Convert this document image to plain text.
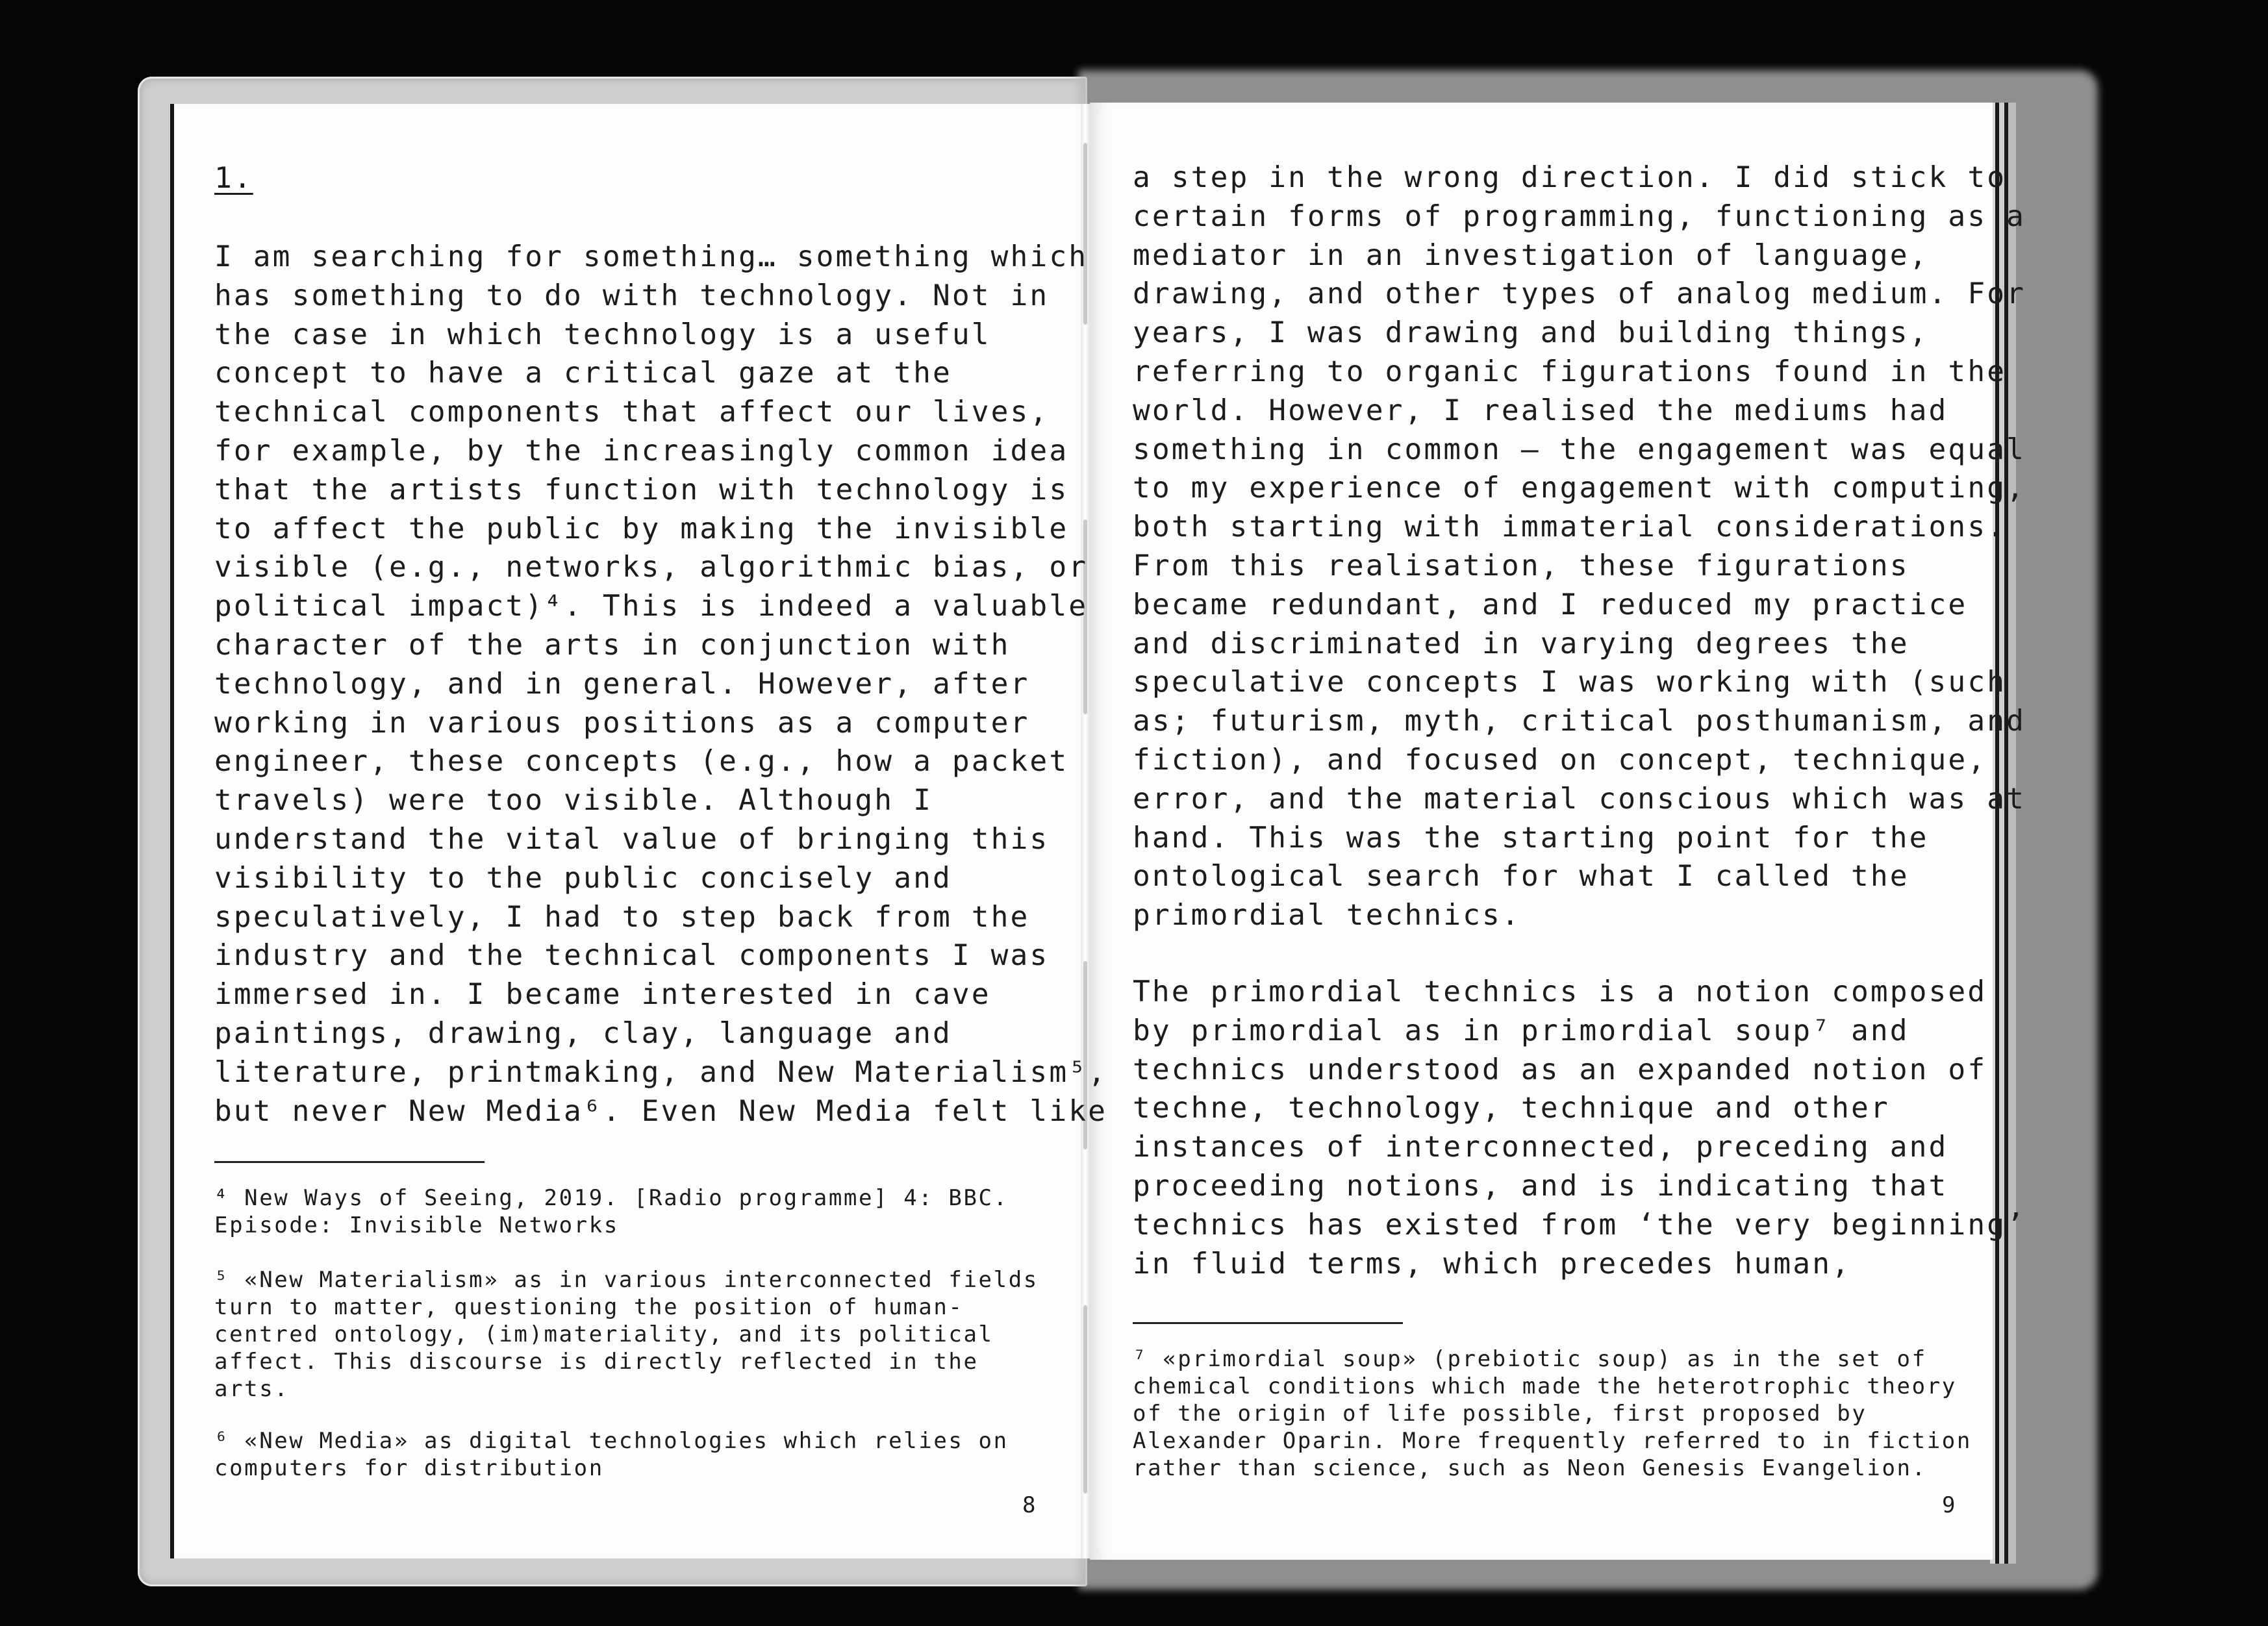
1.
I am searching for something… something which
has something to do with technology. Not in
the case in which technology is a useful
concept to have a critical gaze at the
technical components that affect our lives,
for example, by the increasingly common idea
that the artists function with technology is
to affect the public by making the invisible
visible (e.g., networks, algorithmic bias, or
political impact)⁴. This is indeed a valuable
character of the arts in conjunction with
technology, and in general. However, after
working in various positions as a computer
engineer, these concepts (e.g., how a packet
travels) were too visible. Although I
understand the vital value of bringing this
visibility to the public concisely and
speculatively, I had to step back from the
industry and the technical components I was
immersed in. I became interested in cave
paintings, drawing, clay, language and
literature, printmaking, and New Materialism⁵,
but never New Media⁶. Even New Media felt like
⁴ New Ways of Seeing, 2019. [Radio programme] 4: BBC.
Episode: Invisible Networks
⁵ «New Materialism» as in various interconnected fields
turn to matter, questioning the position of human-
centred ontology, (im)materiality, and its political
affect. This discourse is directly reflected in the
arts.
⁶ «New Media» as digital technologies which relies on
computers for distribution
8
a step in the wrong direction. I did stick to
certain forms of programming, functioning as a
mediator in an investigation of language,
drawing, and other types of analog medium. For
years, I was drawing and building things,
referring to organic figurations found in the
world. However, I realised the mediums had
something in common — the engagement was equal
to my experience of engagement with computing,
both starting with immaterial considerations.
From this realisation, these figurations
became redundant, and I reduced my practice
and discriminated in varying degrees the
speculative concepts I was working with (such
as; futurism, myth, critical posthumanism, and
fiction), and focused on concept, technique,
error, and the material conscious which was at
hand. This was the starting point for the
ontological search for what I called the
primordial technics.
The primordial technics is a notion composed
by primordial as in primordial soup⁷ and
technics understood as an expanded notion of
techne, technology, technique and other
instances of interconnected, preceding and
proceeding notions, and is indicating that
technics has existed from ‘the very beginning’
in fluid terms, which precedes human,
⁷ «primordial soup» (prebiotic soup) as in the set of
chemical conditions which made the heterotrophic theory
of the origin of life possible, first proposed by
Alexander Oparin. More frequently referred to in fiction
rather than science, such as Neon Genesis Evangelion.
9
